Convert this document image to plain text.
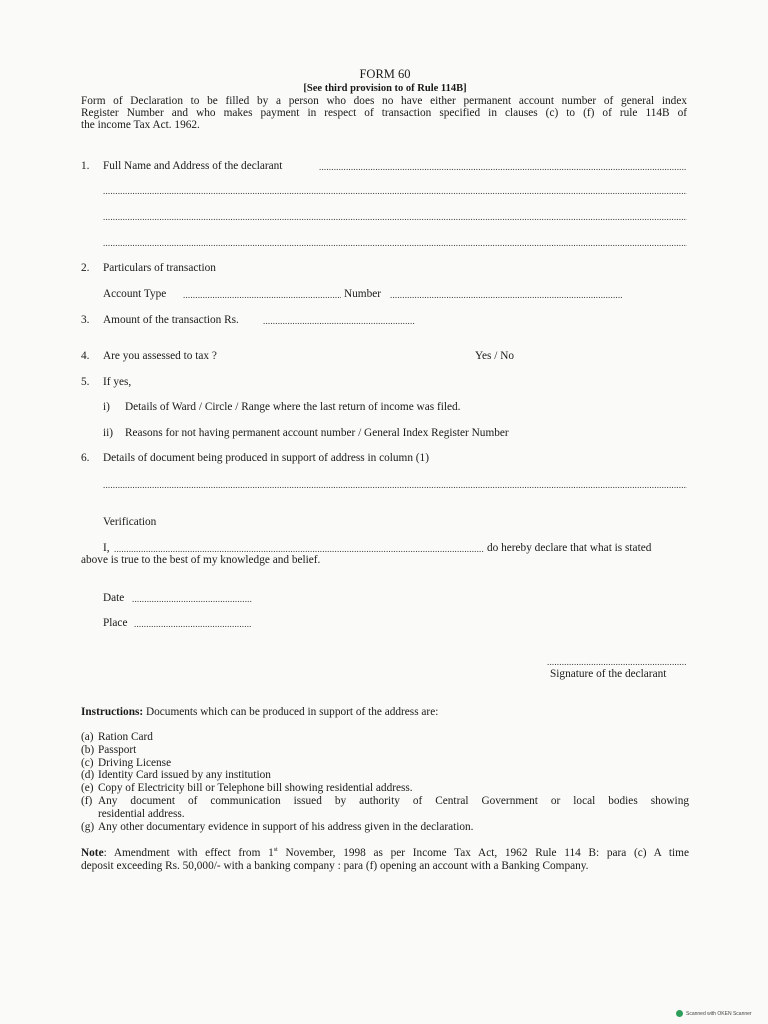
FORM 60
[See third provision to of Rule 114B]
Form of Declaration to be filled by a person who does no have either permanent account number of general index
Register Number and who makes payment in respect of transaction specified in clauses (c) to (f) of rule 114B of
the income Tax Act. 1962.
1. Full Name and Address of the declarant
.....
.....
.....
.....
2. Particulars of transaction
Account Type .....	Number
.....
3. Amount of the transaction Rs.
.....
4. Are you assessed to tax ?	Yes / No
5. If yes,
i) Details of Ward / Circle / Range where the last return of income was filed.
ii) Reasons for not having permanent account number / General Index Register Number
6. Details of document being produced in support of address in column (1)
.....
Verification
I, .....	do hereby declare that what is stated
above is true to the best of my knowledge and belief.
Date
.....
Place
.....
.....
Signature of the declarant
Instructions: Documents which can be produced in support of the address are:
(a) Ration Card
(b) Passport
(c) Driving License
(d) Identity Card issued by any institution
(e) Copy of Electricity bill or Telephone bill showing residential address.
(f) Any document of communication issued by authority of Central Government or local bodies showing
residential address.
(g) Any other documentary evidence in support of his address given in the declaration.
Note: Amendment with effect from 1st November, 1998 as per Income Tax Act, 1962 Rule 114 B: para (c) A time
deposit exceeding Rs. 50,000/- with a banking company : para (f) opening an account with a Banking Company.
Scanned with OKEN Scanner
